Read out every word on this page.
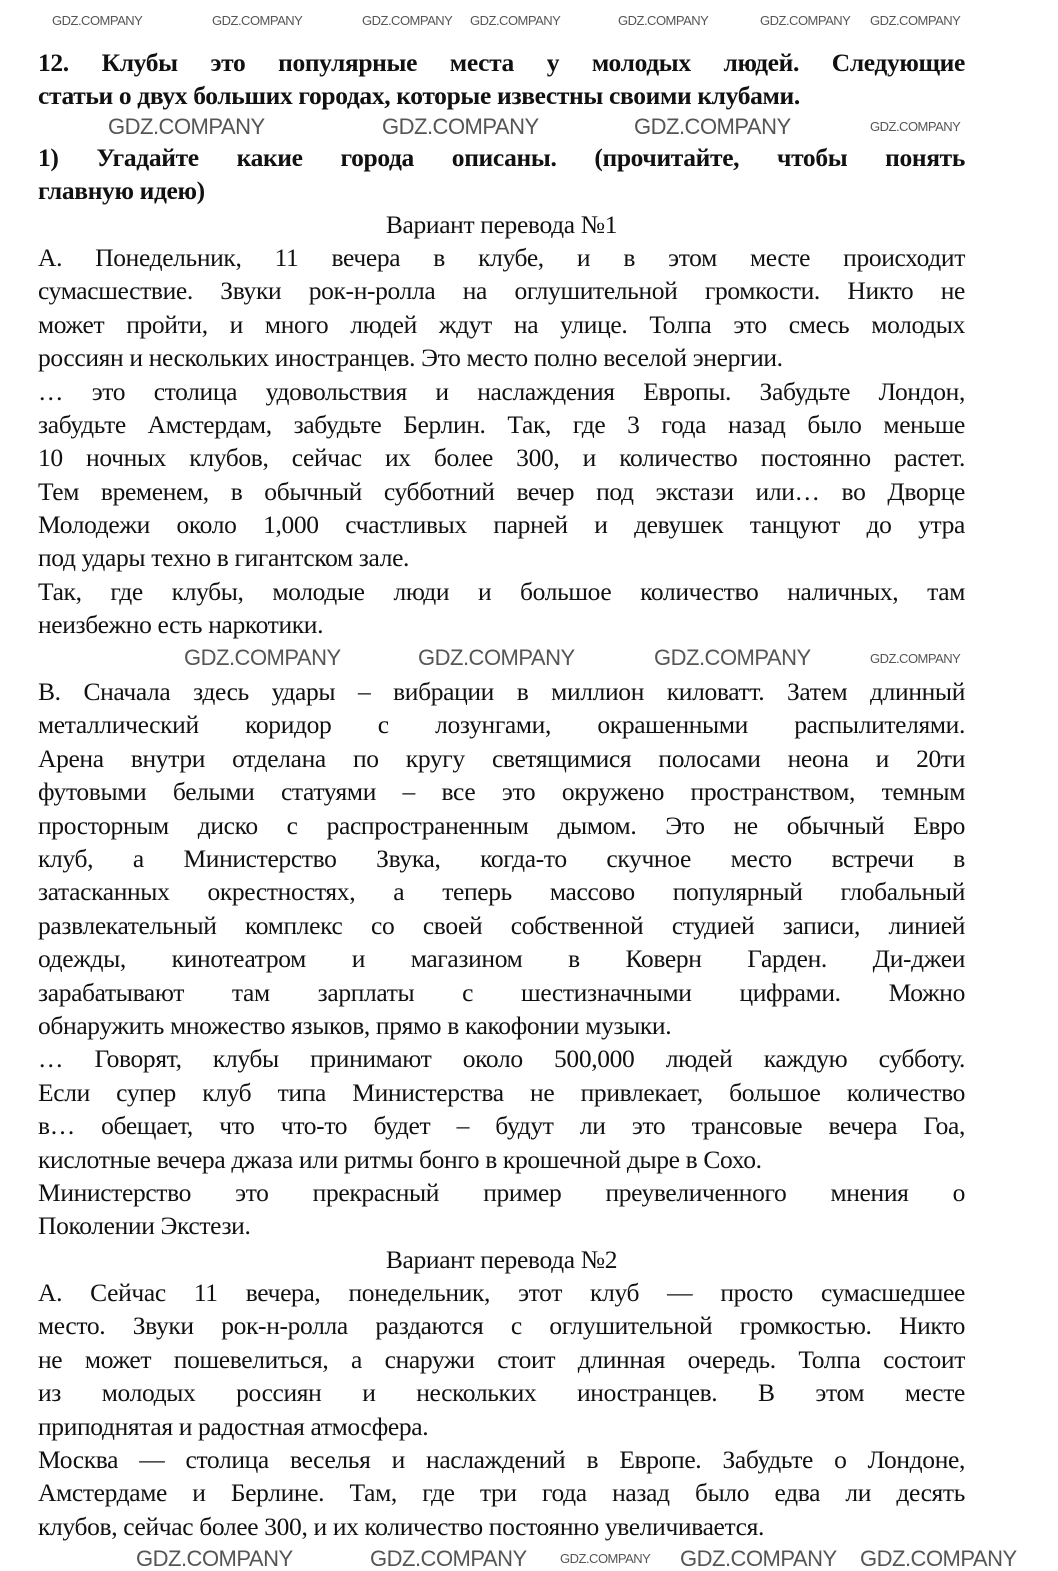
12. Клубы это популярные места у молодых людей. Следующие
статьи о двух больших городах, которые известны своими клубами.
1) Угадайте какие города описаны. (прочитайте, чтобы понять
главную идею)
Вариант перевода №1
А. Понедельник, 11 вечера в клубе, и в этом месте происходит
сумасшествие. Звуки рок-н-ролла на оглушительной громкости. Никто не
может пройти, и много людей ждут на улице. Толпа это смесь молодых
россиян и нескольких иностранцев. Это место полно веселой энергии.
… это столица удовольствия и наслаждения Европы. Забудьте Лондон,
забудьте Амстердам, забудьте Берлин. Так, где 3 года назад было меньше
10 ночных клубов, сейчас их более 300, и количество постоянно растет.
Тем временем, в обычный субботний вечер под экстази или… во Дворце
Молодежи около 1,000 счастливых парней и девушек танцуют до утра
под удары техно в гигантском зале.
Так, где клубы, молодые люди и большое количество наличных, там
неизбежно есть наркотики.
В. Сначала здесь удары – вибрации в миллион киловатт. Затем длинный
металлический коридор с лозунгами, окрашенными распылителями.
Арена внутри отделана по кругу светящимися полосами неона и 20ти
футовыми белыми статуями – все это окружено пространством, темным
просторным диско с распространенным дымом. Это не обычный Евро
клуб, а Министерство Звука, когда-то скучное место встречи в
затасканных окрестностях, а теперь массово популярный глобальный
развлекательный комплекс со своей собственной студией записи, линией
одежды, кинотеатром и магазином в Коверн Гарден. Ди-джеи
зарабатывают там зарплаты с шестизначными цифрами. Можно
обнаружить множество языков, прямо в какофонии музыки.
… Говорят, клубы принимают около 500,000 людей каждую субботу.
Если супер клуб типа Министерства не привлекает, большое количество
в… обещает, что что-то будет – будут ли это трансовые вечера Гоа,
кислотные вечера джаза или ритмы бонго в крошечной дыре в Сохо.
Министерство это прекрасный пример преувеличенного мнения о
Поколении Экстези.
Вариант перевода №2
А. Сейчас 11 вечера, понедельник, этот клуб — просто сумасшедшее
место. Звуки рок-н-ролла раздаются с оглушительной громкостью. Никто
не может пошевелиться, а снаружи стоит длинная очередь. Толпа состоит
из молодых россиян и нескольких иностранцев. В этом месте
приподнятая и радостная атмосфера.
Москва — столица веселья и наслаждений в Европе. Забудьте о Лондоне,
Амстердаме и Берлине. Там, где три года назад было едва ли десять
клубов, сейчас более 300, и их количество постоянно увеличивается.
GDZ.COMPANY	GDZ.COMPANY	GDZ.COMPANY GDZ.COMPANY	GDZ.COMPANY	GDZ.COMPANY GDZ.COMPANY
GDZ.COMPANY	GDZ.COMPANY	GDZ.COMPANY	GDZ.COMPANY
GDZ.COMPANY	GDZ.COMPANY	GDZ.COMPANY	GDZ.COMPANY
GDZ.COMPANY	GDZ.COMPANY	GDZ.COMPANY GDZ.COMPANY GDZ.COMPANY
